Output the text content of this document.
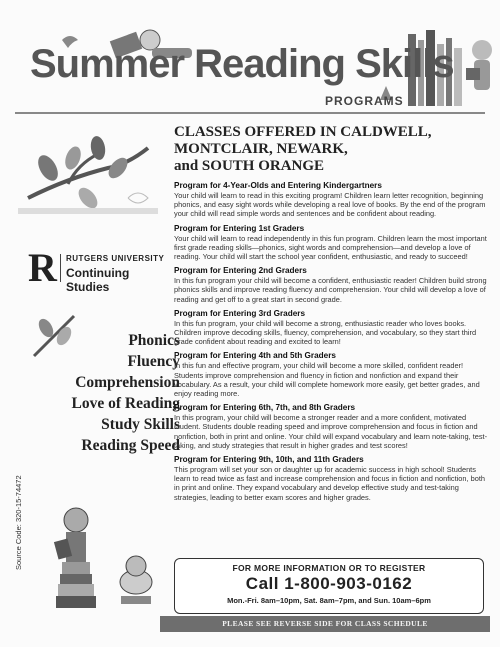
Summer Reading Skills
PROGRAMS
R RUTGERS UNIVERSITY
Continuing Studies
Phonics
Fluency
Comprehension
Love of Reading
Study Skills
Reading Speed
Source Code: 320-15-74472
CLASSES OFFERED IN CALDWELL,
MONTCLAIR, NEWARK,
and SOUTH ORANGE
Program for 4-Year-Olds and Entering Kindergartners

Your child will learn to read in this exciting program! Children learn letter recognition, beginning phonics, and easy sight words while developing a real love of books. By the end of the program your child will read simple words and sentences and be confident about reading.

Program for Entering 1st Graders

Your child will learn to read independently in this fun program. Children learn the most important first grade reading skills—phonics, sight words and comprehension—and develop a love of reading. Your child will start the school year confident, enthusiastic, and ready to succeed!

Program for Entering 2nd Graders

In this fun program your child will become a confident, enthusiastic reader! Children build strong phonics skills and improve reading fluency and comprehension. Your child will develop a love of reading and get off to a great start in second grade.

Program for Entering 3rd Graders

In this fun program, your child will become a strong, enthusiastic reader who loves books. Children improve decoding skills, fluency, comprehension, and vocabulary, so they start third grade confident about reading and excited to learn!

Program for Entering 4th and 5th Graders

In this fun and effective program, your child will become a more skilled, confident reader! Students improve comprehension and fluency in fiction and nonfiction and expand their vocabulary. As a result, your child will complete homework more easily, get better grades, and enjoy reading more.

Program for Entering 6th, 7th, and 8th Graders

In this program, your child will become a stronger reader and a more confident, motivated student. Students double reading speed and improve comprehension and focus in fiction and nonfiction, both in print and online. Your child will expand vocabulary and learn note-taking, test-taking, and study strategies that result in higher grades and test scores!

Program for Entering 9th, 10th, and 11th Graders

This program will set your son or daughter up for academic success in high school! Students learn to read twice as fast and increase comprehension and focus in fiction and nonfiction, both in print and online. They expand vocabulary and develop effective study and test-taking strategies, leading to better exam scores and higher grades.

FOR MORE INFORMATION OR TO REGISTER
Call 1-800-903-0162
Mon.-Fri. 8am–10pm, Sat. 8am–7pm, and Sun. 10am–6pm
PLEASE SEE REVERSE SIDE FOR CLASS SCHEDULE
